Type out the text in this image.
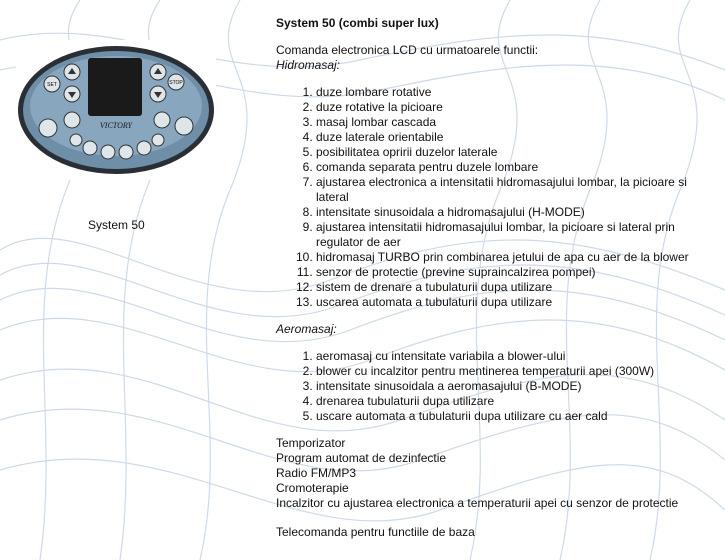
SET	STOP
VICTORY
System 50
System 50 (combi super lux)
Comanda electronica LCD cu urmatoarele functii:
Hidromasaj:
1. duze lombare rotative
2. duze rotative la picioare
3. masaj lombar cascada
4. duze laterale orientabile
5. posibilitatea opririi duzelor laterale
6. comanda separata pentru duzele lombare
7. ajustarea electronica a intensitatii hidromasajului lombar, la picioare si lateral
8. intensitate sinusoidala a hidromasajului (H-MODE)
9. ajustarea intensitatii hidromasajului lombar, la picioare si lateral prin regulator de aer
10. hidromasaj TURBO prin combinarea jetului de apa cu aer de la blower
11. senzor de protectie (previne supraincalzirea pompei)
12. sistem de drenare a tubulaturii dupa utilizare
13. uscarea automata a tubulaturii dupa utilizare
Aeromasaj:
1. aeromasaj cu intensitate variabila a blower-ului
2. blower cu incalzitor pentru mentinerea temperaturii apei (300W)
3. intensitate sinusoidala a aeromasajului (B-MODE)
4. drenarea tubulaturii dupa utilizare
5. uscare automata a tubulaturii dupa utilizare cu aer cald
Temporizator
Program automat de dezinfectie
Radio FM/MP3
Cromoterapie
Incalzitor cu ajustarea electronica a temperaturii apei cu senzor de protectie
Telecomanda pentru functiile de baza
